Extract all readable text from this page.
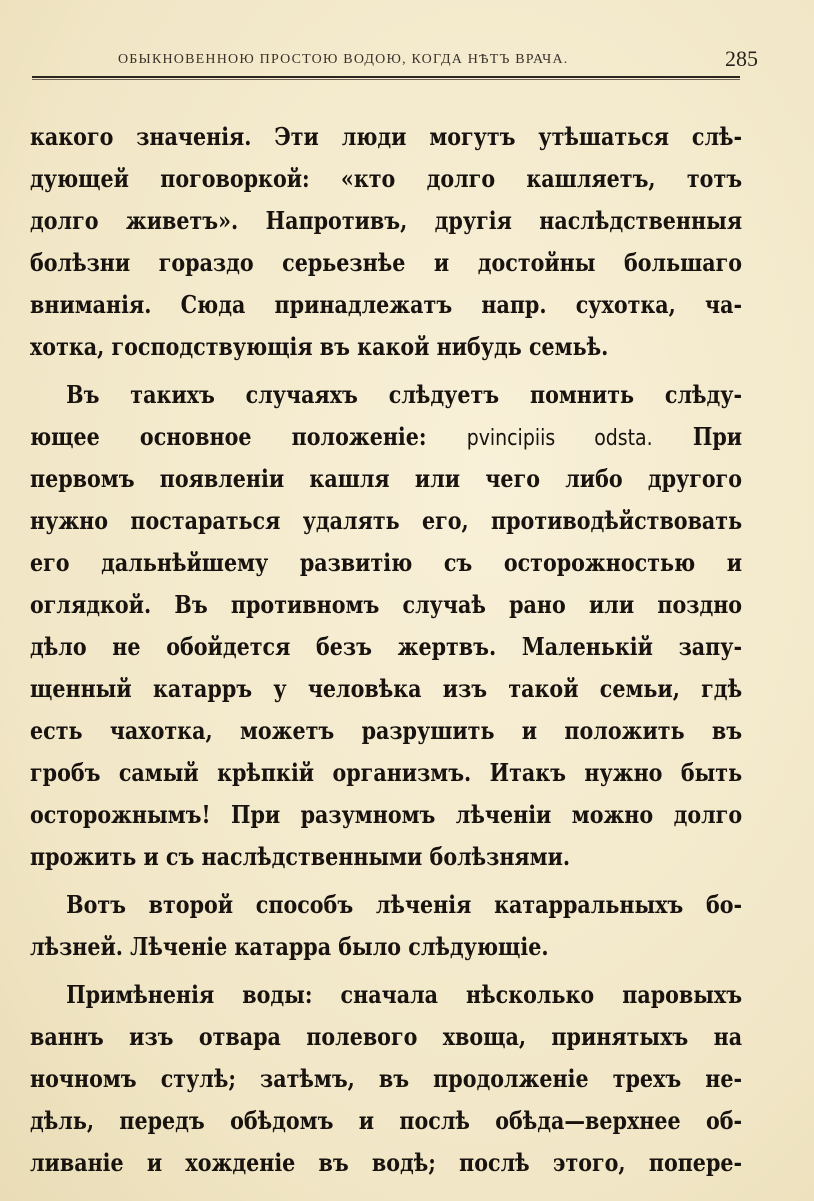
ОБЫКНОВЕННОЮ ПРОСТОЮ ВОДОЮ, КОГДА НѢТЪ ВРАЧА.	285
какого значенія. Эти люди могутъ утѣшаться слѣ-
дующей поговоркой: «кто долго кашляетъ, тотъ
долго живетъ». Напротивъ, другія наслѣдственныя
болѣзни гораздо серьезнѣе и достойны большаго
вниманія. Сюда принадлежатъ напр. сухотка, ча-
хотка, господствующія въ какой нибудь семьѣ.
Въ такихъ случаяхъ слѣдуетъ помнить слѣду-
ющее основное положеніе: pvincipiis odsta. При
первомъ появленіи кашля или чего либо другого
нужно постараться удалять его, противодѣйствовать
его дальнѣйшему развитію съ осторожностью и
оглядкой. Въ противномъ случаѣ рано или поздно
дѣло не обойдется безъ жертвъ. Маленькій запу-
щенный катарръ у человѣка изъ такой семьи, гдѣ
есть чахотка, можетъ разрушить и положить въ
гробъ самый крѣпкій организмъ. Итакъ нужно быть
осторожнымъ! При разумномъ лѣченіи можно долго
прожить и съ наслѣдственными болѣзнями.
Вотъ второй способъ лѣченія катарральныхъ бо-
лѣзней. Лѣченіе катарра было слѣдующіе.
Примѣненія воды: сначала нѣсколько паровыхъ
ваннъ изъ отвара полевого хвоща, принятыхъ на
ночномъ стулѣ; затѣмъ, въ продолженіе трехъ не-
дѣль, передъ обѣдомъ и послѣ обѣда—верхнее об-
ливаніе и хожденіе въ водѣ; послѣ этого, попере-
